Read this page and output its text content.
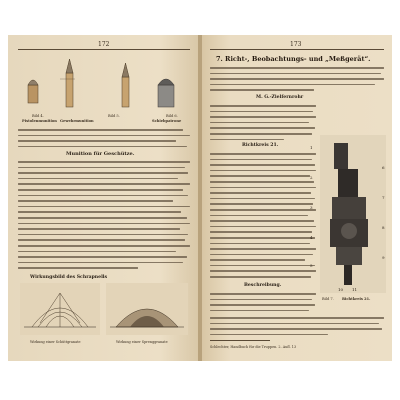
172
Pistolenmunition Gewehrmunition	Schiebpatrone
Bild 4.	Bild 5.	Bild 6.
Munition für Geschütze.
Wirkungsbild des Schrapnells
Wirkung einer Schüttgranate	Wirkung einer Sprenggranate
173
7. Richt-, Beobachtungs- und „Meßgerät“.
M. G.-Zielfernrohr
Richtkreis 21.	1
2
3
4
5
6
7
8
9
10 11
Bild 7. Richtkreis 21.
Beschreibung.
Schlechter, Handbuch für die Truppen. 2. Aufl. 13
